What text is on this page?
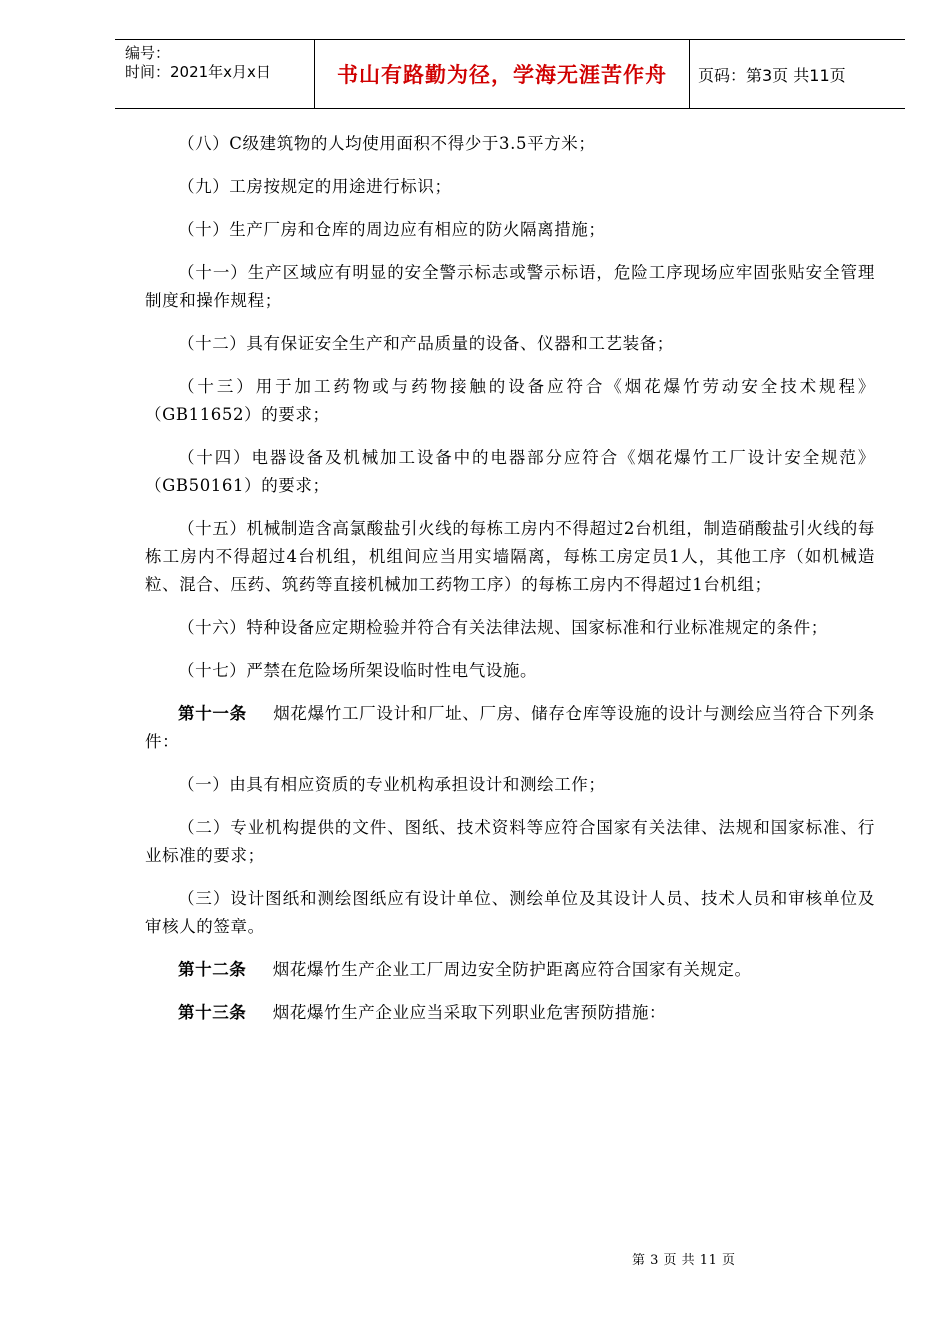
编号：
时间：2021年x月x日	书山有路勤为径，学海无涯苦作舟	页码：第3页 共11页

（八）C级建筑物的人均使用面积不得少于3.5平方米；

（九）工房按规定的用途进行标识；

（十）生产厂房和仓库的周边应有相应的防火隔离措施；

（十一）生产区域应有明显的安全警示标志或警示标语，危险工序现场应牢固张贴安全管理制度和操作规程；

（十二）具有保证安全生产和产品质量的设备、仪器和工艺装备；

（十三）用于加工药物或与药物接触的设备应符合《烟花爆竹劳动安全技术规程》（GB11652）的要求；

（十四）电器设备及机械加工设备中的电器部分应符合《烟花爆竹工厂设计安全规范》（GB50161）的要求；

（十五）机械制造含高氯酸盐引火线的每栋工房内不得超过2台机组，制造硝酸盐引火线的每栋工房内不得超过4台机组，机组间应当用实墙隔离，每栋工房定员1人，其他工序（如机械造粒、混合、压药、筑药等直接机械加工药物工序）的每栋工房内不得超过1台机组；

（十六）特种设备应定期检验并符合有关法律法规、国家标准和行业标准规定的条件；

（十七）严禁在危险场所架设临时性电气设施。

第十一条 烟花爆竹工厂设计和厂址、厂房、储存仓库等设施的设计与测绘应当符合下列条件：

（一）由具有相应资质的专业机构承担设计和测绘工作；

（二）专业机构提供的文件、图纸、技术资料等应符合国家有关法律、法规和国家标准、行业标准的要求；

（三）设计图纸和测绘图纸应有设计单位、测绘单位及其设计人员、技术人员和审核单位及审核人的签章。

第十二条 烟花爆竹生产企业工厂周边安全防护距离应符合国家有关规定。

第十三条 烟花爆竹生产企业应当采取下列职业危害预防措施：

第 3 页 共 11 页
